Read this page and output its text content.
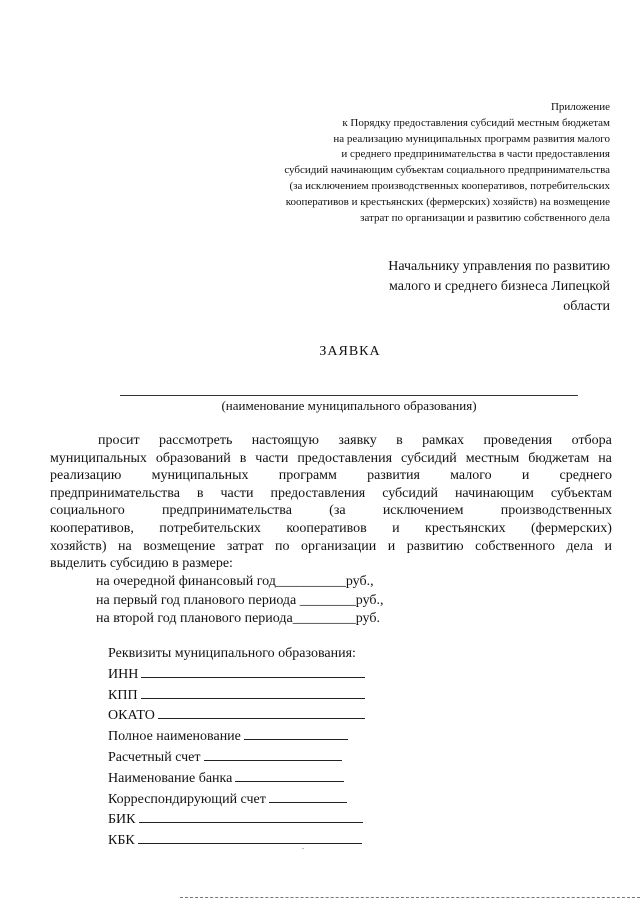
Приложение
к Порядку предоставления субсидий местным бюджетам
на реализацию муниципальных программ развития малого
и среднего предпринимательства в части предоставления
субсидий начинающим субъектам социального предпринимательства
(за исключением производственных кооперативов, потребительских
кооперативов и крестьянских (фермерских) хозяйств) на возмещение
затрат по организации и развитию собственного дела
Начальнику управления по развитию
малого и среднего бизнеса Липецкой
области
ЗАЯВКА
(наименование муниципального образования)
просит рассмотреть настоящую заявку в рамках проведения отбора
муниципальных образований в части предоставления субсидий местным бюджетам на
реализацию муниципальных программ развития малого и среднего
предпринимательства в части предоставления субсидий начинающим субъектам
социального	предпринимательства	(за	исключением	производственных
кооперативов, потребительских кооперативов и крестьянских (фермерских)
хозяйств) на возмещение затрат по организации и развитию собственного дела и
выделить субсидию в размере:
на очередной финансовый год__________руб.,
на первый год планового периода ________руб.,
на второй год планового периода_________руб.
Реквизиты муниципального образования:
ИНН
КПП
ОКАТО
Полное наименование
Расчетный счет
Наименование банка
Корреспондирующий счет
БИК
КБК
